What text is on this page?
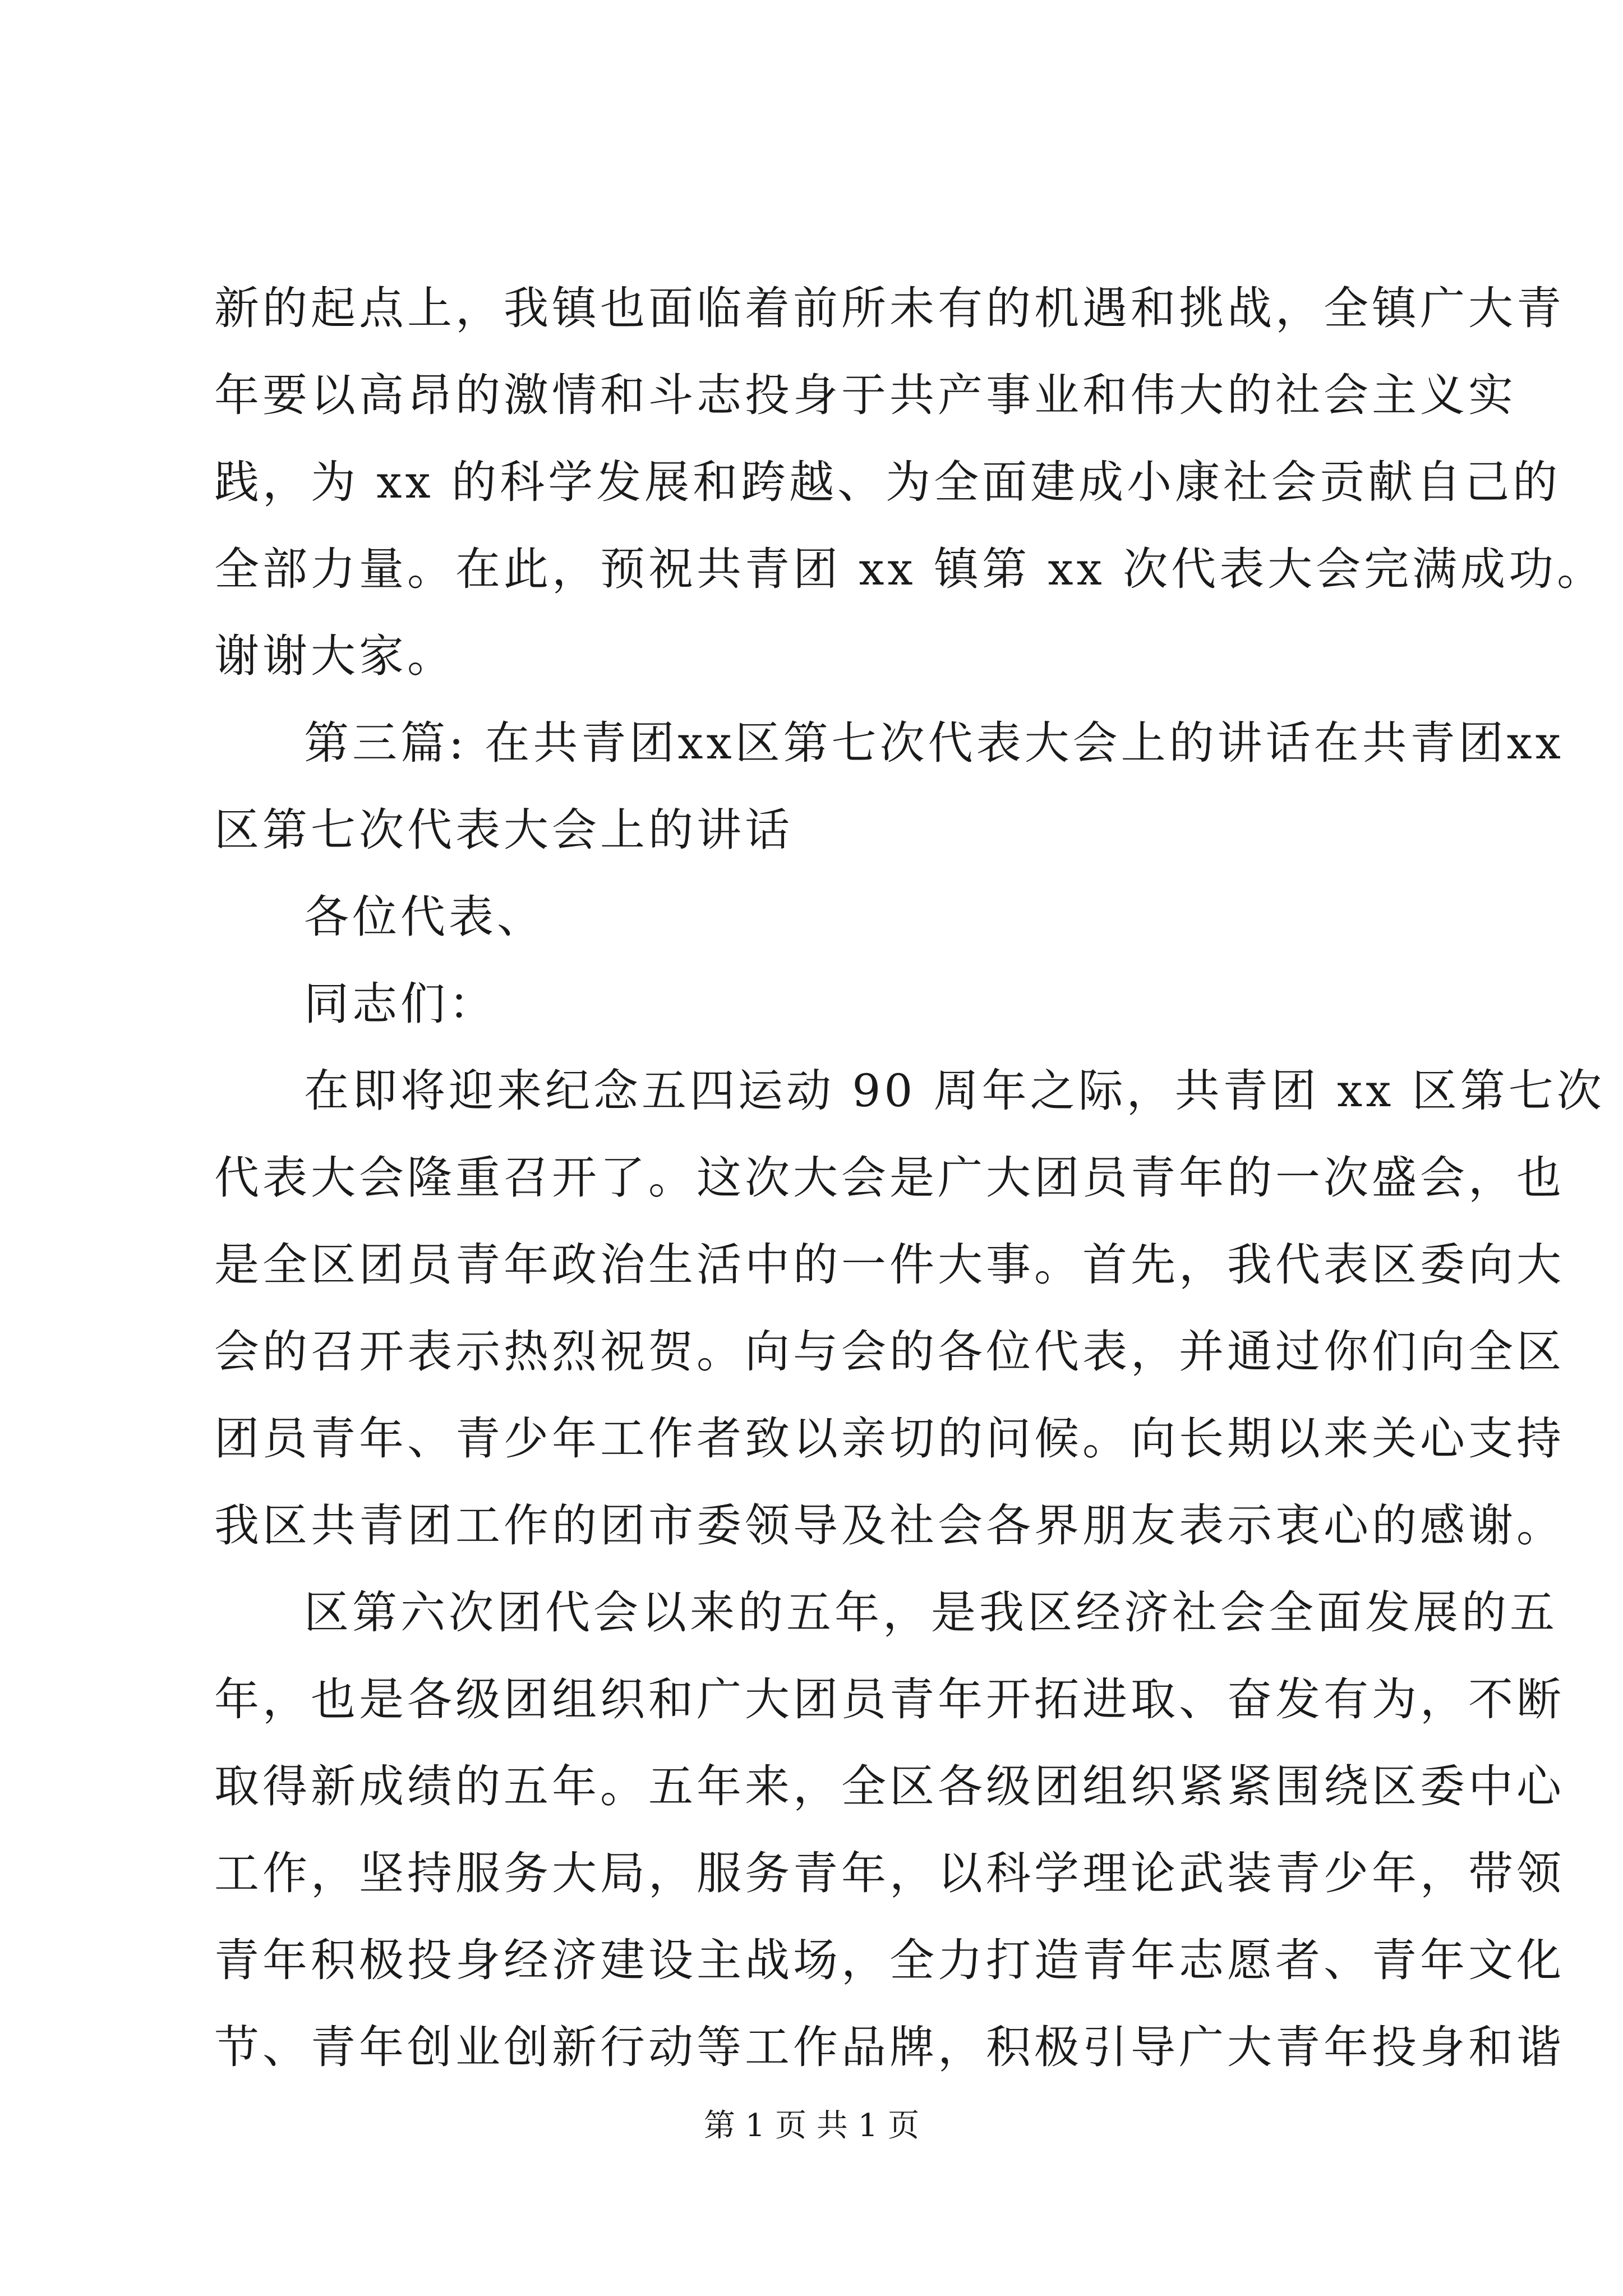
新的起点上，我镇也面临着前所未有的机遇和挑战，全镇广大青
年要以高昂的激情和斗志投身于共产事业和伟大的社会主义实
践，为 xx 的科学发展和跨越、为全面建成小康社会贡献自己的
全部力量。在此，预祝共青团 xx 镇第 xx 次代表大会完满成功。
谢谢大家。
第三篇: 在共青团xx区第七次代表大会上的讲话在共青团xx
区第七次代表大会上的讲话
各位代表、
同志们：
在即将迎来纪念五四运动 90 周年之际，共青团 xx 区第七次
代表大会隆重召开了。这次大会是广大团员青年的一次盛会，也
是全区团员青年政治生活中的一件大事。首先，我代表区委向大
会的召开表示热烈祝贺。向与会的各位代表，并通过你们向全区
团员青年、青少年工作者致以亲切的问候。向长期以来关心支持
我区共青团工作的团市委领导及社会各界朋友表示衷心的感谢。
区第六次团代会以来的五年，是我区经济社会全面发展的五
年，也是各级团组织和广大团员青年开拓进取、奋发有为，不断
取得新成绩的五年。五年来，全区各级团组织紧紧围绕区委中心
工作，坚持服务大局，服务青年，以科学理论武装青少年，带领
青年积极投身经济建设主战场，全力打造青年志愿者、青年文化
节、青年创业创新行动等工作品牌，积极引导广大青年投身和谐
第 1 页 共 1 页
